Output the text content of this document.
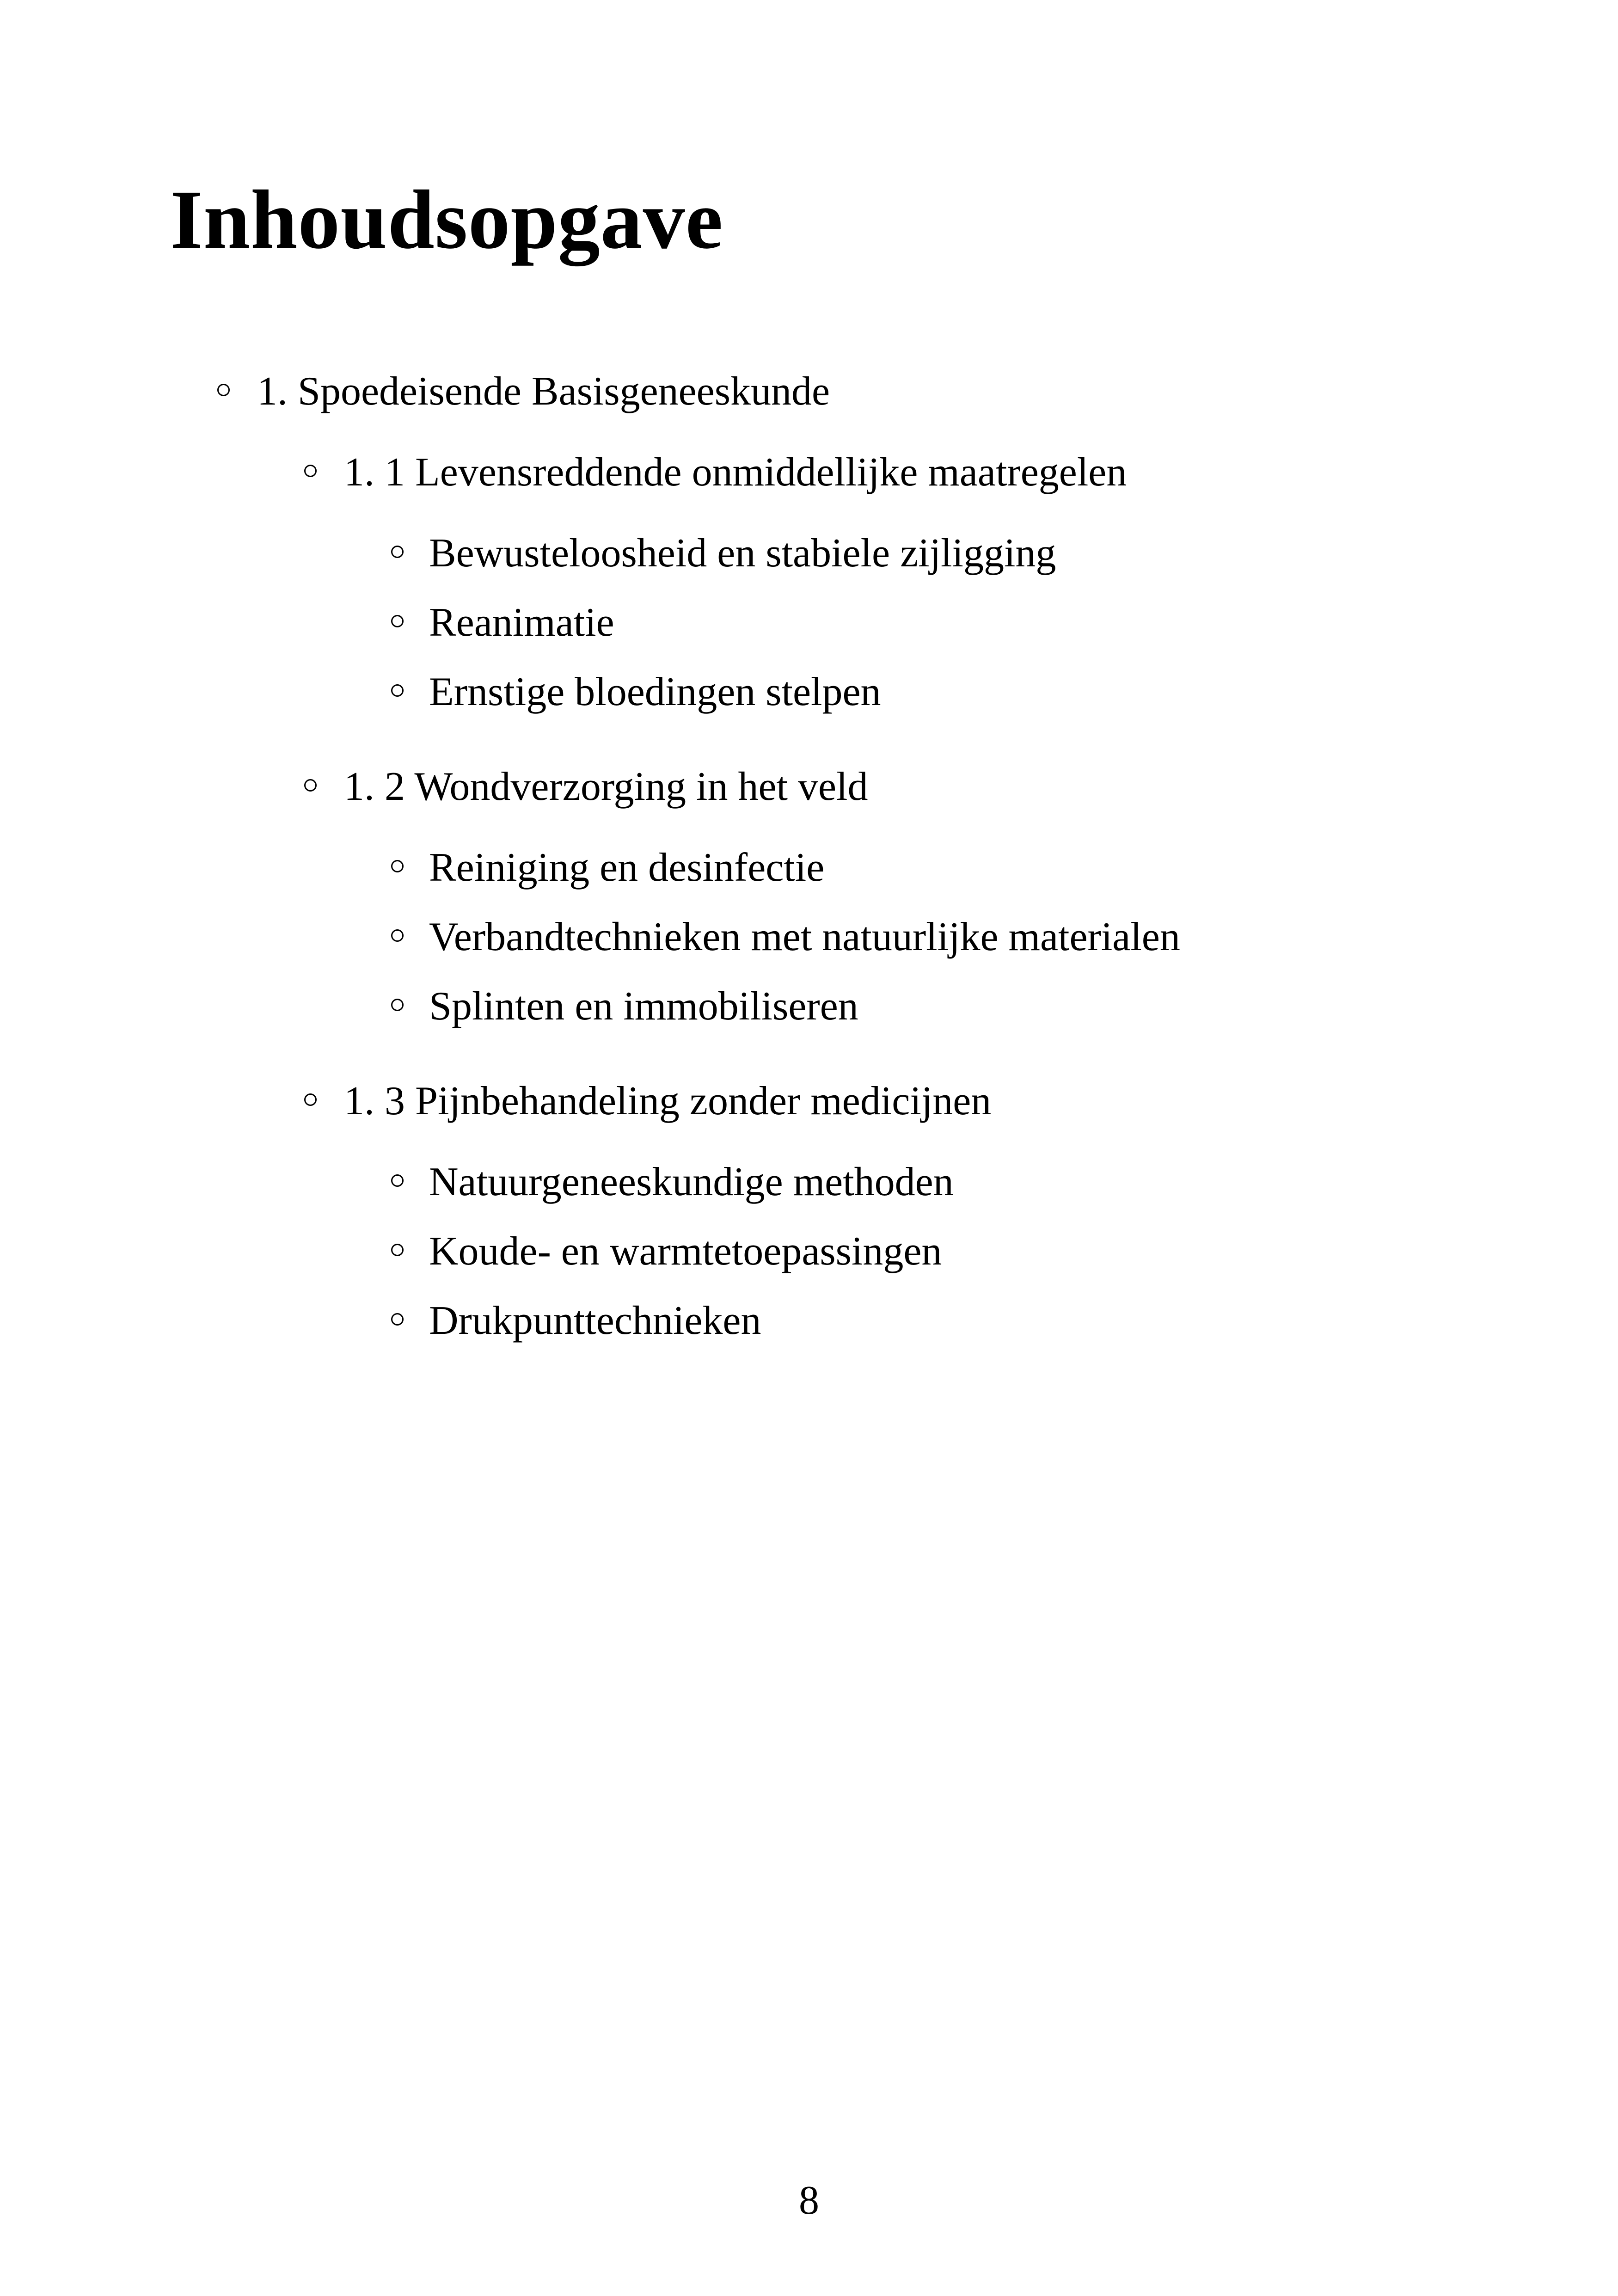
Inhoudsopgave
1. Spoedeisende Basisgeneeskunde
1. 1 Levensreddende onmiddellijke maatregelen
Bewusteloosheid en stabiele zijligging
Reanimatie
Ernstige bloedingen stelpen
1. 2 Wondverzorging in het veld
Reiniging en desinfectie
Verbandtechnieken met natuurlijke materialen
Splinten en immobiliseren
1. 3 Pijnbehandeling zonder medicijnen
Natuurgeneeskundige methoden
Koude- en warmtetoepassingen
Drukpunttechnieken
8
